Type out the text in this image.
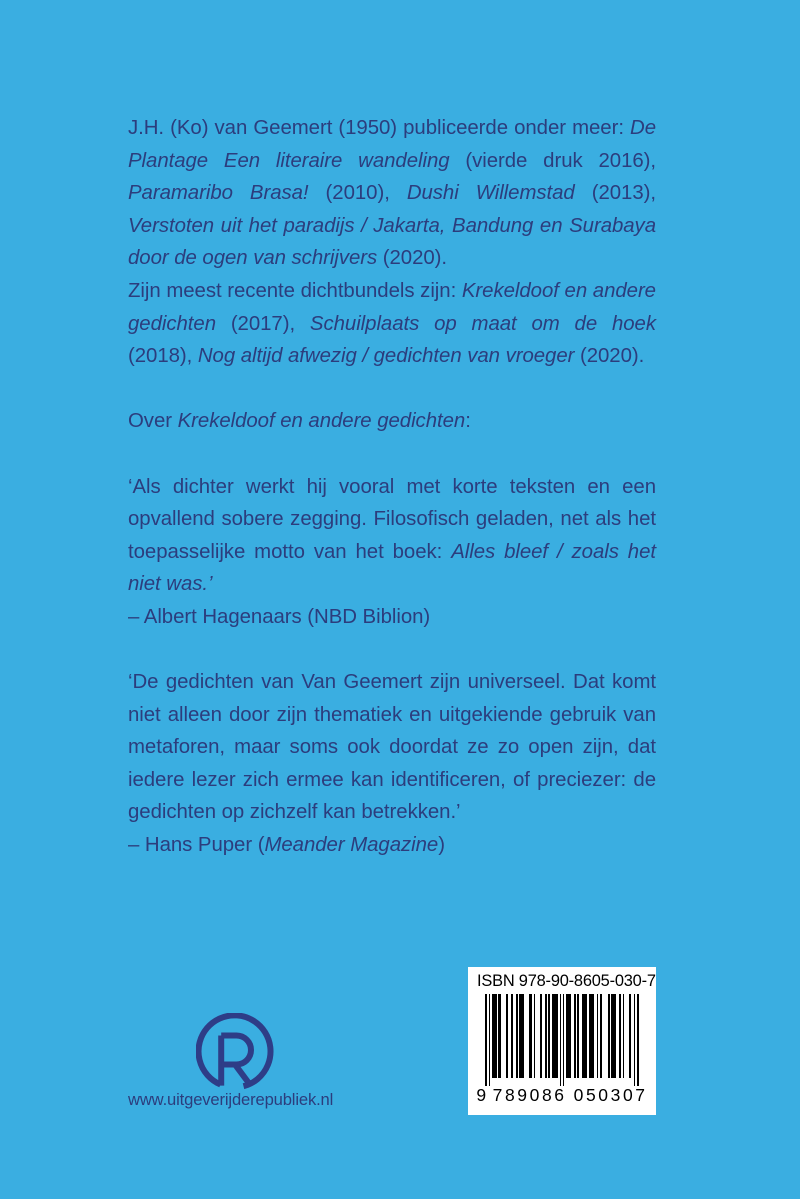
J.H. (Ko) van Geemert (1950) publiceerde onder meer: De Plantage Een literaire wandeling (vierde druk 2016), Paramaribo Brasa! (2010), Dushi Willemstad (2013), Verstoten uit het paradijs / Jakarta, Bandung en Surabaya door de ogen van schrijvers (2020).

Zijn meest recente dichtbundels zijn: Krekeldoof en andere gedichten (2017), Schuilplaats op maat om de hoek (2018), Nog altijd afwezig / gedichten van vroeger (2020).

Over Krekeldoof en andere gedichten:

‘Als dichter werkt hij vooral met korte teksten en een opvallend sobere zegging. Filosofisch geladen, net als het toepasselijke motto van het boek: Alles bleef / zoals het niet was.’

– Albert Hagenaars (NBD Biblion)

‘De gedichten van Van Geemert zijn universeel. Dat komt niet alleen door zijn thematiek en uitgekiende gebruik van metaforen, maar soms ook doordat ze zo open zijn, dat iedere lezer zich ermee kan identificeren, of preciezer: de gedichten op zichzelf kan betrekken.’

– Hans Puper (Meander Magazine)

www.uitgeverijderepubliek.nl
ISBN 978-90-8605-030-7
9 789086 050307
